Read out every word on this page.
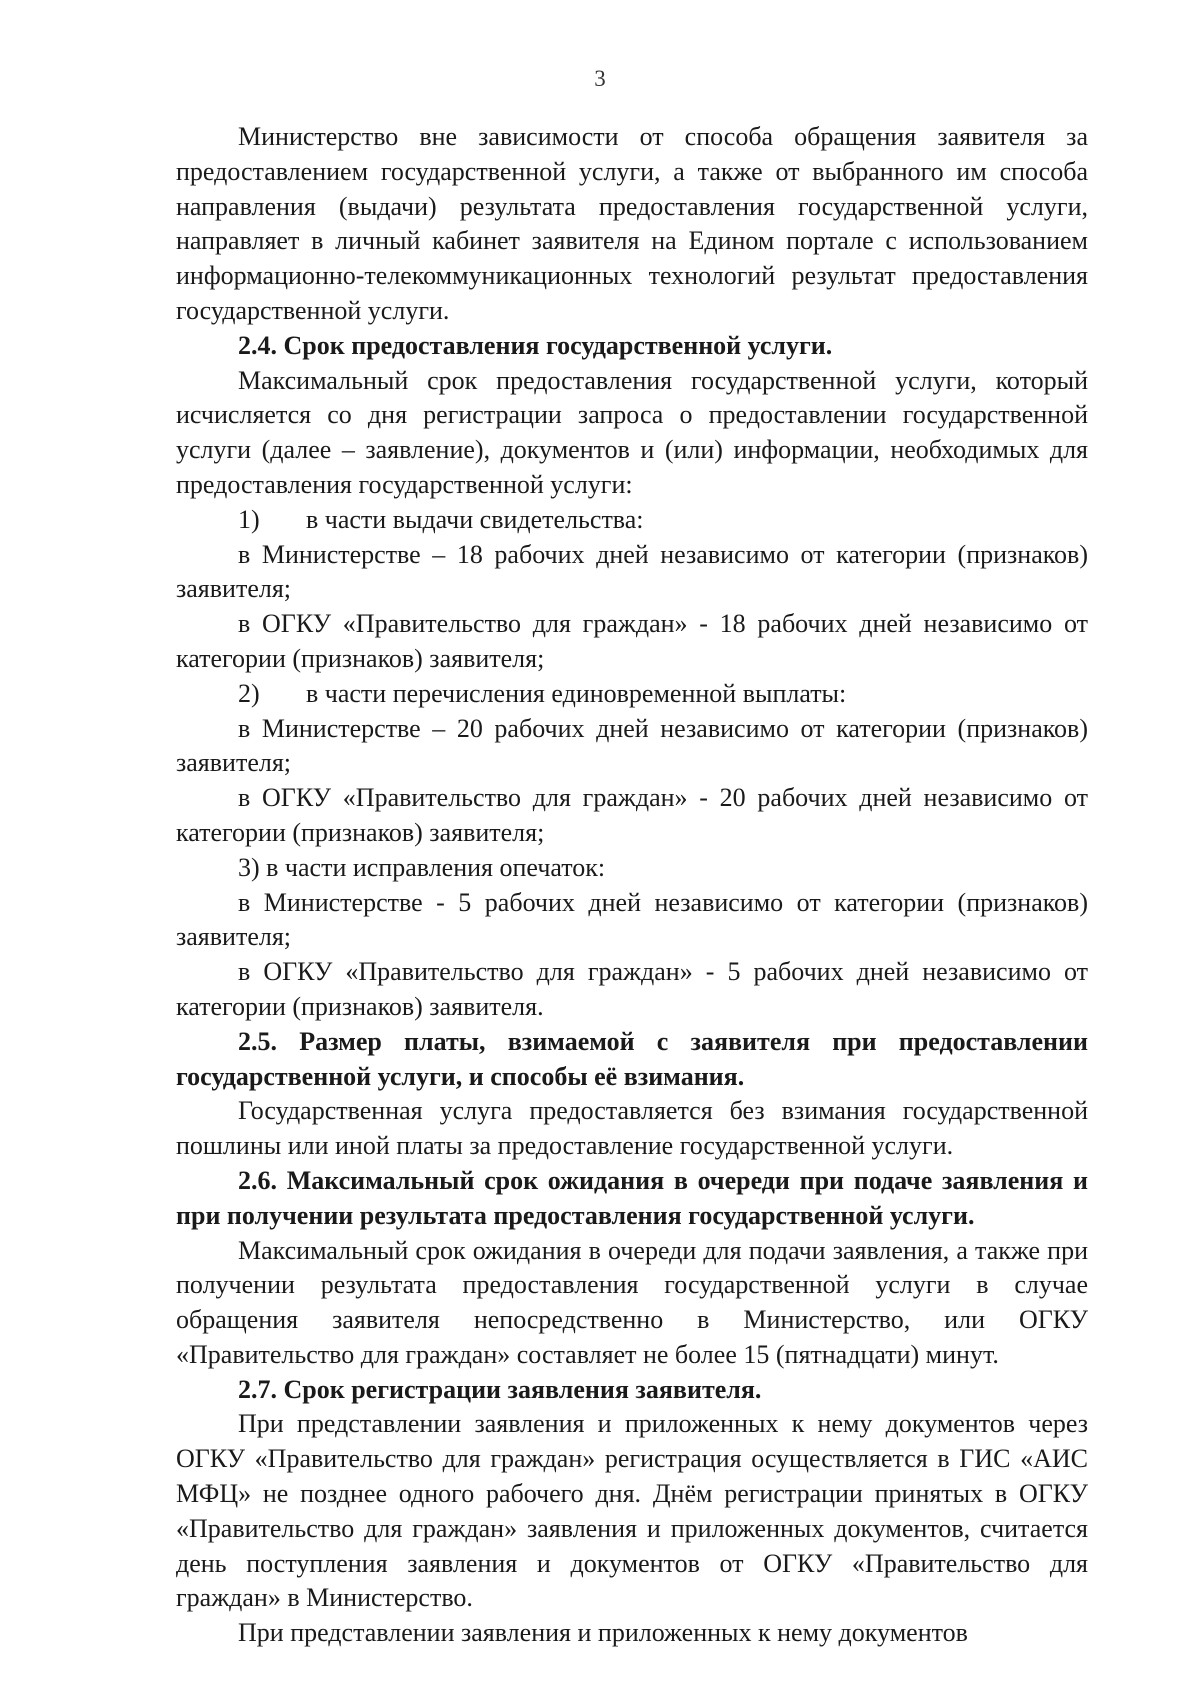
3

Министерство вне зависимости от способа обращения заявителя за предоставлением государственной услуги, а также от выбранного им способа направления (выдачи) результата предоставления государственной услуги, направляет в личный кабинет заявителя на Едином портале с использованием информационно-телекоммуникационных технологий результат предоставления государственной услуги.

2.4. Срок предоставления государственной услуги.

Максимальный срок предоставления государственной услуги, который исчисляется со дня регистрации запроса о предоставлении государственной услуги (далее – заявление), документов и (или) информации, необходимых для предоставления государственной услуги:

1) в части выдачи свидетельства:

в Министерстве – 18 рабочих дней независимо от категории (признаков) заявителя;

в ОГКУ «Правительство для граждан» - 18 рабочих дней независимо от категории (признаков) заявителя;

2) в части перечисления единовременной выплаты:

в Министерстве – 20 рабочих дней независимо от категории (признаков) заявителя;

в ОГКУ «Правительство для граждан» - 20 рабочих дней независимо от категории (признаков) заявителя;

3) в части исправления опечаток:

в Министерстве - 5 рабочих дней независимо от категории (признаков) заявителя;

в ОГКУ «Правительство для граждан» - 5 рабочих дней независимо от категории (признаков) заявителя.

2.5. Размер платы, взимаемой с заявителя при предоставлении государственной услуги, и способы её взимания.

Государственная услуга предоставляется без взимания государственной пошлины или иной платы за предоставление государственной услуги.

2.6. Максимальный срок ожидания в очереди при подаче заявления и при получении результата предоставления государственной услуги.

Максимальный срок ожидания в очереди для подачи заявления, а также при получении результата предоставления государственной услуги в случае обращения заявителя непосредственно в Министерство, или ОГКУ «Правительство для граждан» составляет не более 15 (пятнадцати) минут.

2.7. Срок регистрации заявления заявителя.

При представлении заявления и приложенных к нему документов через ОГКУ «Правительство для граждан» регистрация осуществляется в ГИС «АИС МФЦ» не позднее одного рабочего дня. Днём регистрации принятых в ОГКУ «Правительство для граждан» заявления и приложенных документов, считается день поступления заявления и документов от ОГКУ «Правительство для граждан» в Министерство.

При представлении заявления и приложенных к нему документов
